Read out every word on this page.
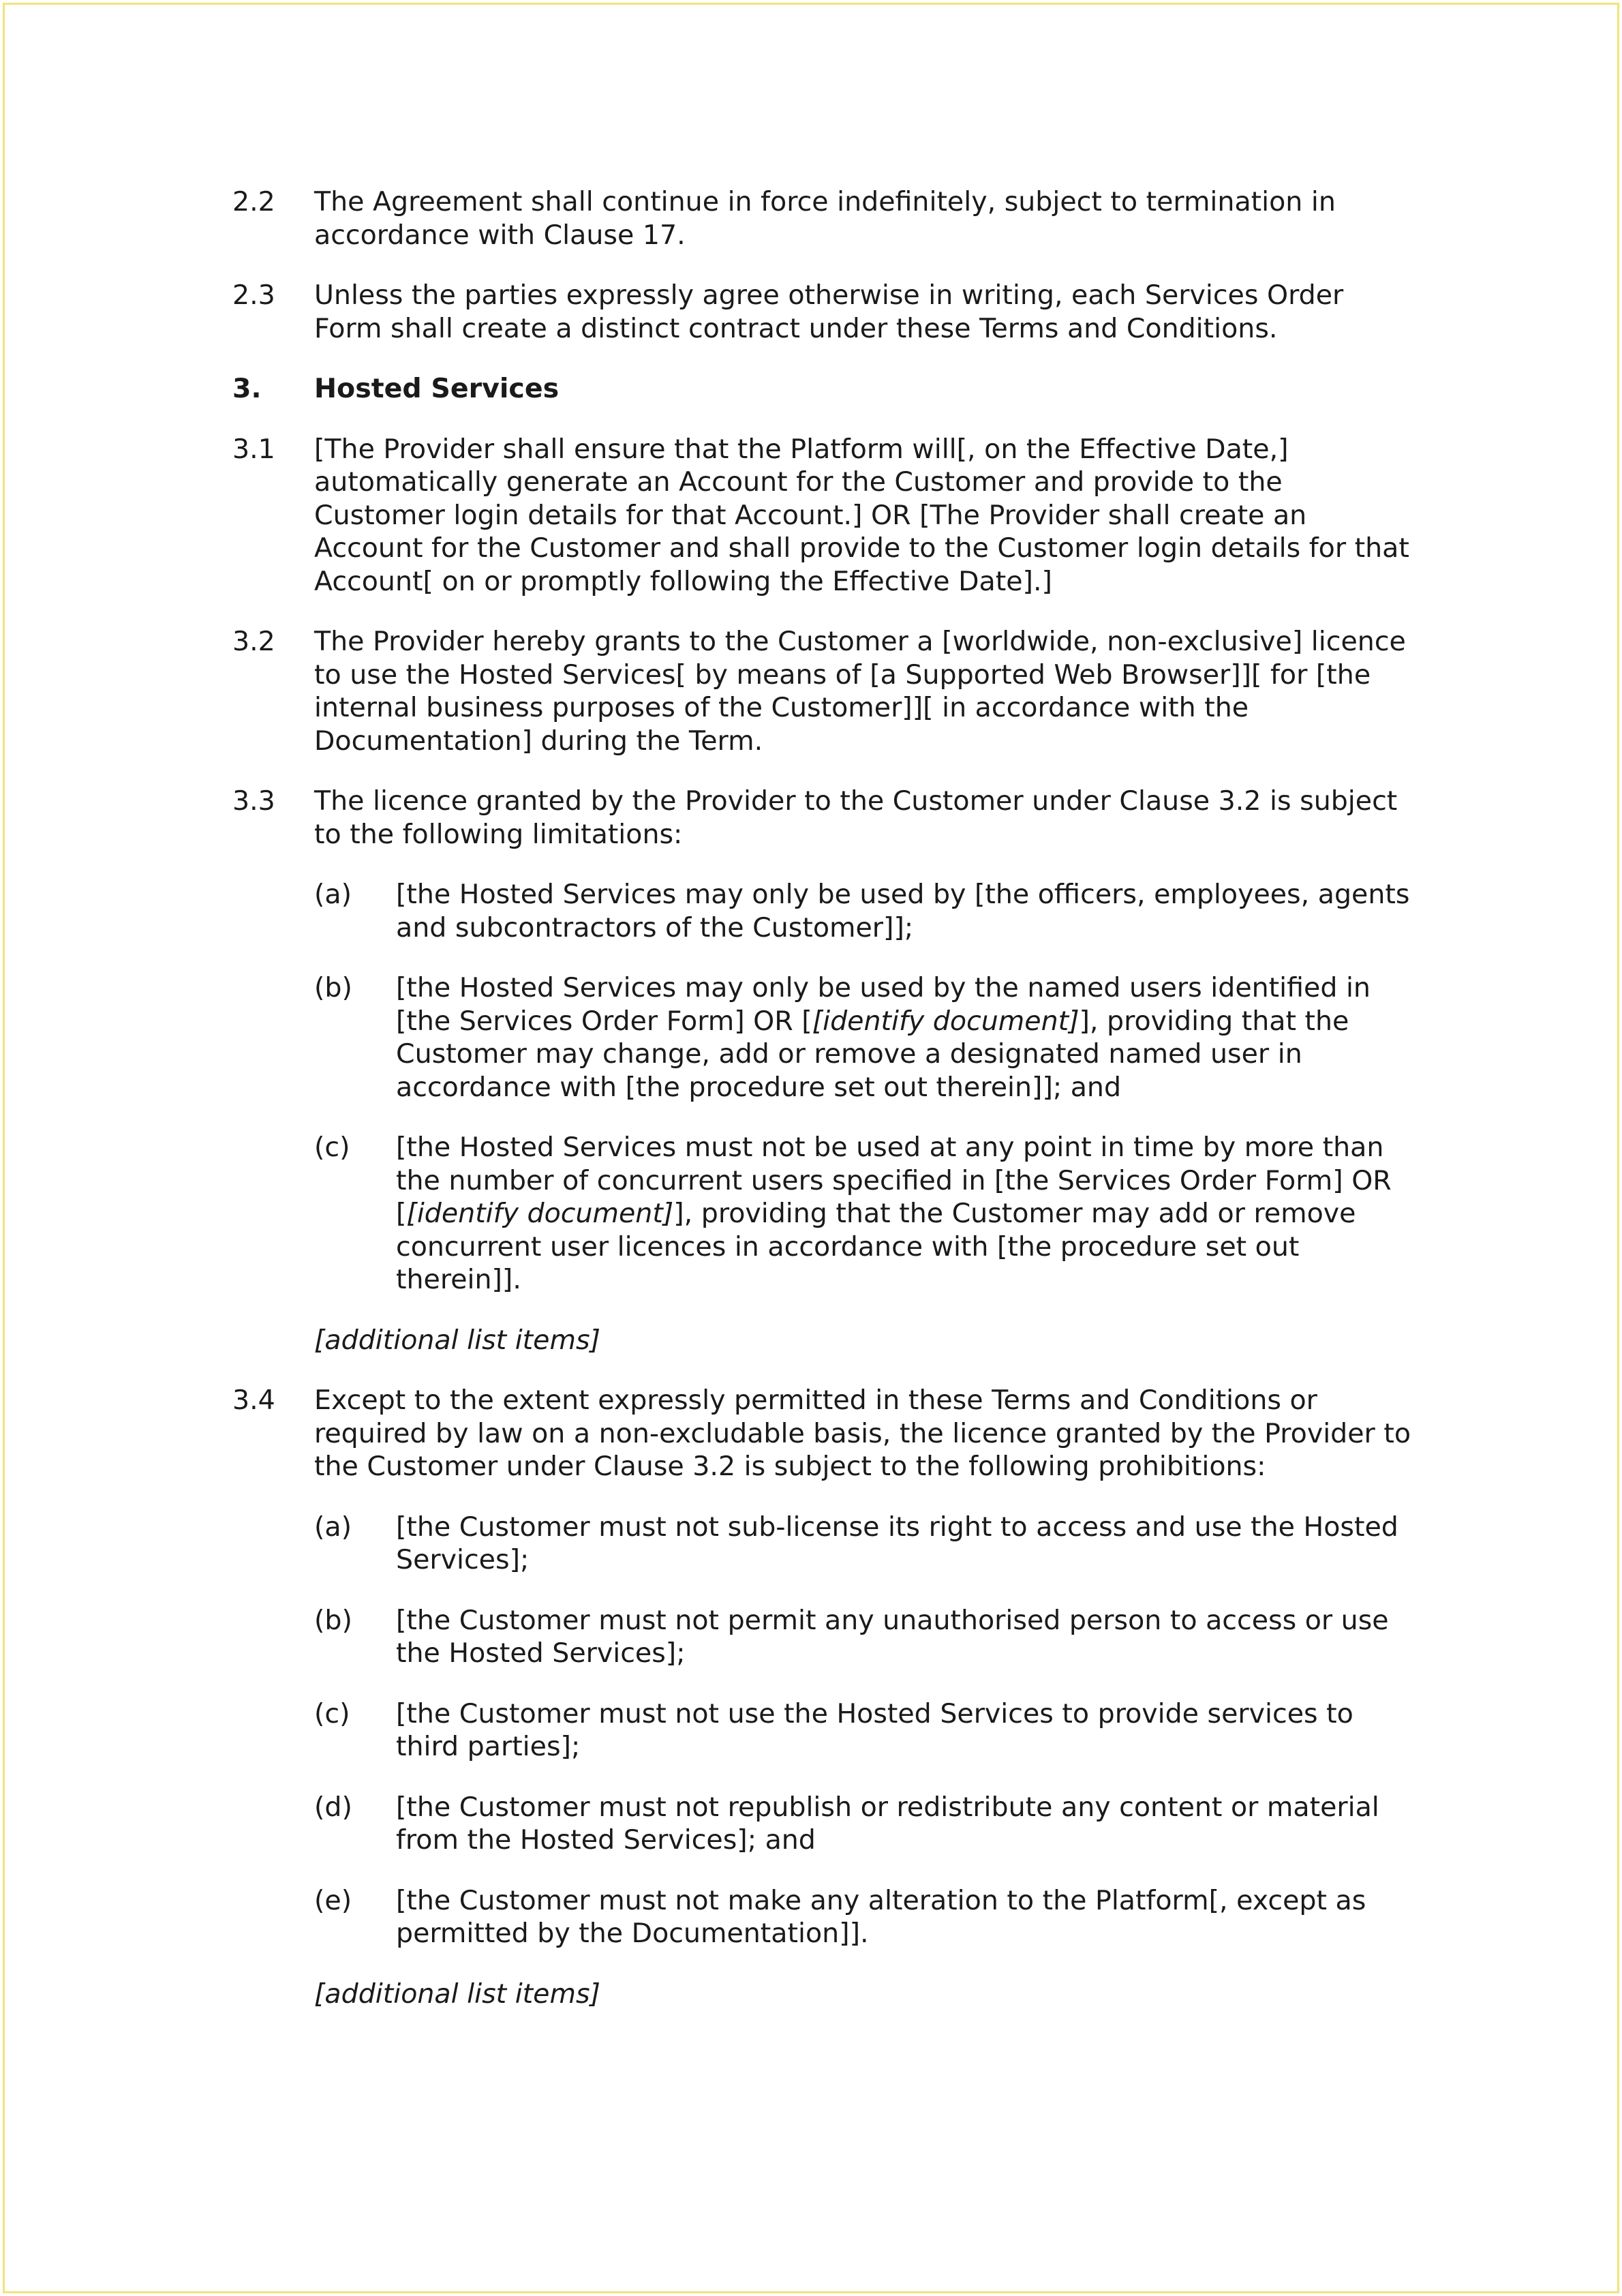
2.2	The Agreement shall continue in force indefinitely, subject to termination in accordance with Clause 17.
2.3	Unless the parties expressly agree otherwise in writing, each Services Order Form shall create a distinct contract under these Terms and Conditions.
3.	Hosted Services
3.1	[The Provider shall ensure that the Platform will[, on the Effective Date,] automatically generate an Account for the Customer and provide to the Customer login details for that Account.] OR [The Provider shall create an Account for the Customer and shall provide to the Customer login details for that Account[ on or promptly following the Effective Date].]
3.2	The Provider hereby grants to the Customer a [worldwide, non-exclusive] licence to use the Hosted Services[ by means of [a Supported Web Browser]][ for [the internal business purposes of the Customer]][ in accordance with the Documentation] during the Term.
3.3	The licence granted by the Provider to the Customer under Clause 3.2 is subject to the following limitations:
(a)	[the Hosted Services may only be used by [the officers, employees, agents and subcontractors of the Customer]];
(b)	[the Hosted Services may only be used by the named users identified in [the Services Order Form] OR [[identify document]], providing that the Customer may change, add or remove a designated named user in accordance with [the procedure set out therein]]; and
(c)	[the Hosted Services must not be used at any point in time by more than the number of concurrent users specified in [the Services Order Form] OR [[identify document]], providing that the Customer may add or remove concurrent user licences in accordance with [the procedure set out therein]].
[additional list items]
3.4	Except to the extent expressly permitted in these Terms and Conditions or required by law on a non-excludable basis, the licence granted by the Provider to the Customer under Clause 3.2 is subject to the following prohibitions:
(a)	[the Customer must not sub-license its right to access and use the Hosted Services];
(b)	[the Customer must not permit any unauthorised person to access or use the Hosted Services];
(c)	[the Customer must not use the Hosted Services to provide services to third parties];
(d)	[the Customer must not republish or redistribute any content or material from the Hosted Services]; and
(e)	[the Customer must not make any alteration to the Platform[, except as permitted by the Documentation]].
[additional list items]
